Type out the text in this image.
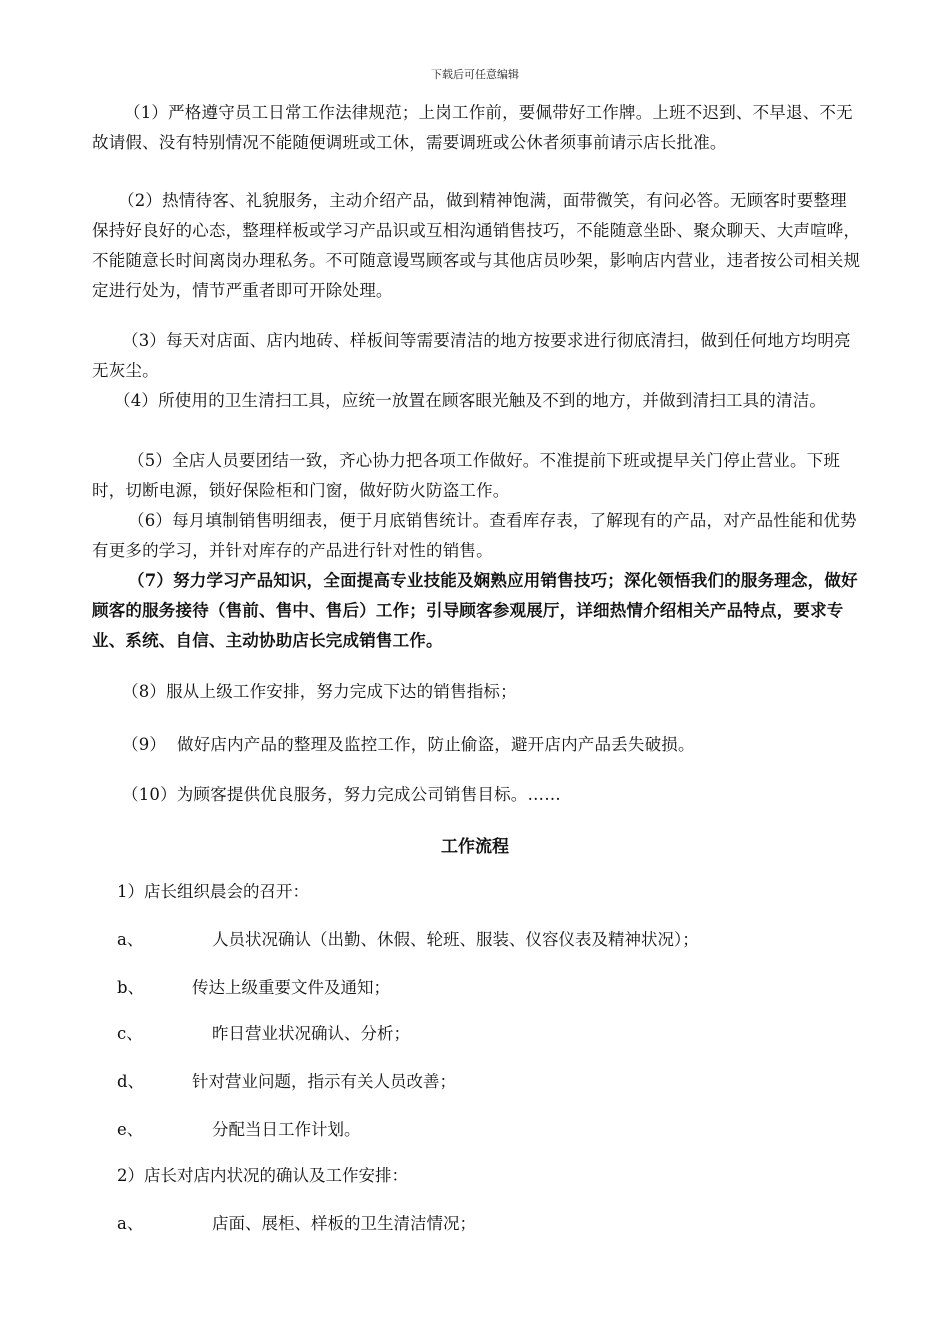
下载后可任意编辑
（1）严格遵守员工日常工作法律规范；上岗工作前，要佩带好工作牌。上班不迟到、不早退、不无故请假、没有特别情况不能随便调班或工休，需要调班或公休者须事前请示店长批准。
（2）热情待客、礼貌服务，主动介绍产品，做到精神饱满，面带微笑，有问必答。无顾客时要整理保持好良好的心态，整理样板或学习产品识或互相沟通销售技巧，不能随意坐卧、聚众聊天、大声喧哗，不能随意长时间离岗办理私务。不可随意谩骂顾客或与其他店员吵架，影响店内营业，违者按公司相关规定进行处为，情节严重者即可开除处理。
（3）每天对店面、店内地砖、样板间等需要清洁的地方按要求进行彻底清扫，做到任何地方均明亮无灰尘。
（4）所使用的卫生清扫工具，应统一放置在顾客眼光触及不到的地方，并做到清扫工具的清洁。
（5）全店人员要团结一致，齐心协力把各项工作做好。不准提前下班或提早关门停止营业。下班时，切断电源，锁好保险柜和门窗，做好防火防盗工作。
（6）每月填制销售明细表，便于月底销售统计。查看库存表，了解现有的产品，对产品性能和优势有更多的学习，并针对库存的产品进行针对性的销售。
（7）努力学习产品知识，全面提高专业技能及娴熟应用销售技巧；深化领悟我们的服务理念，做好顾客的服务接待（售前、售中、售后）工作；引导顾客参观展厅，详细热情介绍相关产品特点，要求专业、系统、自信、主动协助店长完成销售工作。
（8）服从上级工作安排，努力完成下达的销售指标；
（9）  做好店内产品的整理及监控工作，防止偷盗，避开店内产品丢失破损。
（10）为顾客提供优良服务，努力完成公司销售目标。……
工作流程
1）店长组织晨会的召开：
a、	人员状况确认（出勤、休假、轮班、服装、仪容仪表及精神状况）；
b、	传达上级重要文件及通知；
c、	昨日营业状况确认、分析；
d、	针对营业问题，指示有关人员改善；
e、	分配当日工作计划。
2）店长对店内状况的确认及工作安排：
a、	店面、展柜、样板的卫生清洁情况；
